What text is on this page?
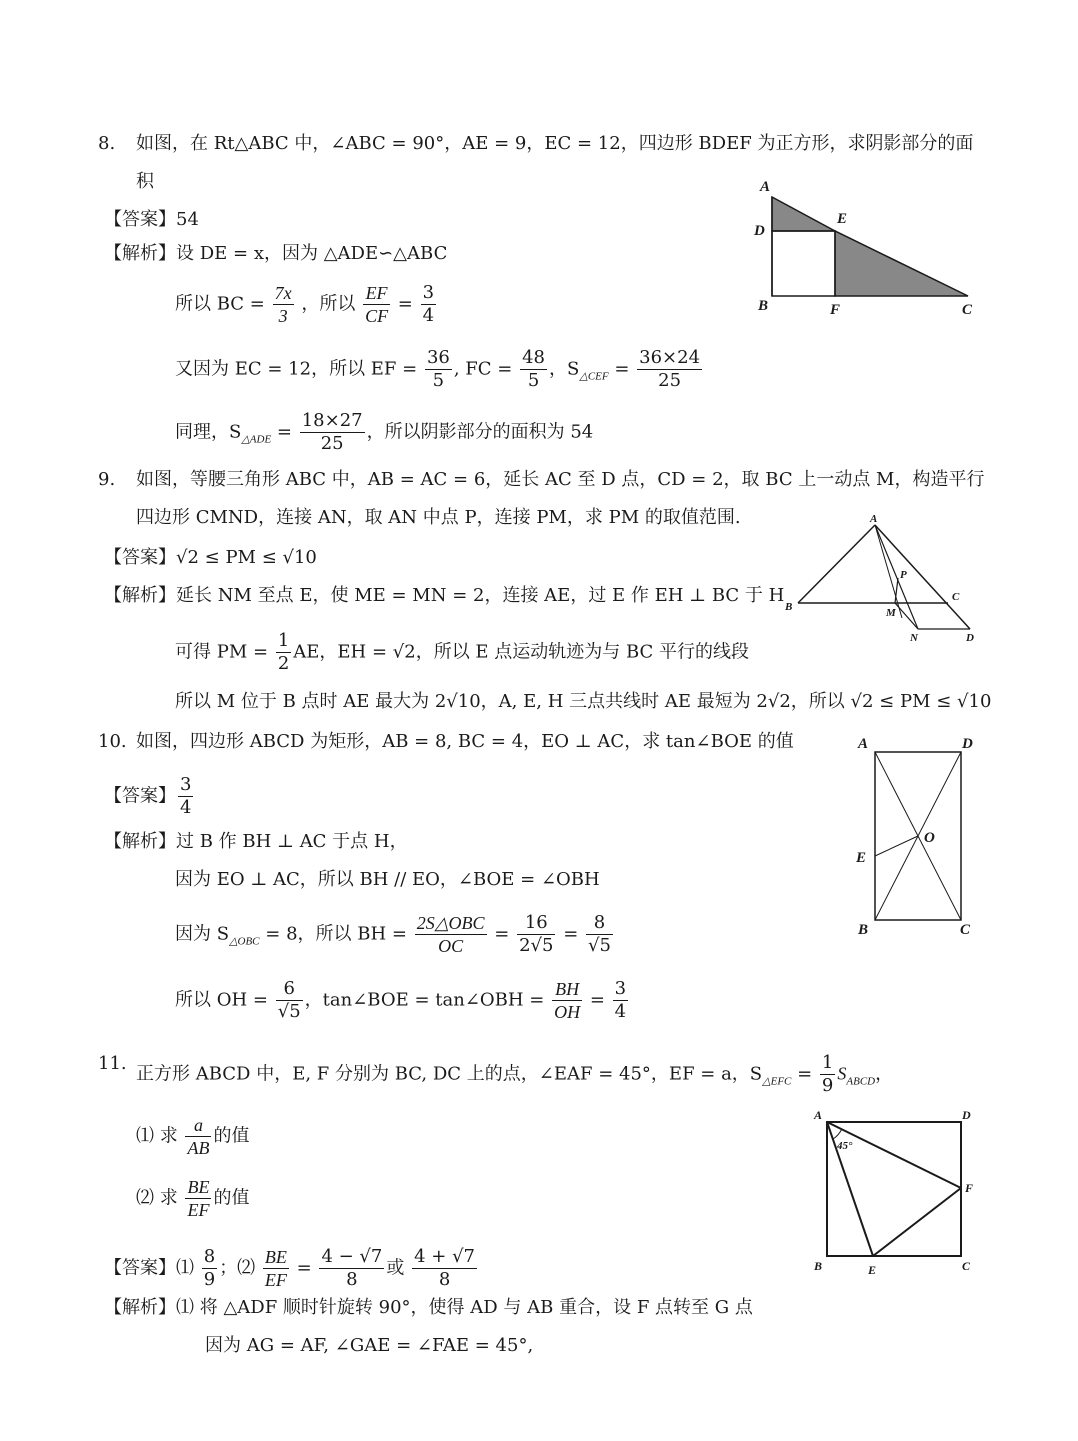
8. 如图，在 Rt△ABC 中，∠ABC = 90°，AE = 9，EC = 12，四边形 BDEF 为正方形，求阴影部分的面
积
【答案】54
【解析】设 DE = x，因为 △ADE∽△ABC
所以 BC = $\frac{7x}{3}$ ，所以 $\frac{EF}{CF} = \frac{3}{4}$
又因为 EC = 12，所以 EF = $\frac{36}{5}$ , FC = $\frac{48}{5}$ ，$S_{\triangle CEF} = \frac{36\times 24}{25}$
同理，$S_{\triangle ADE} = \frac{18\times 27}{25}$ ，所以阴影部分的面积为 54
A
D
E
B	F	C
9. 如图，等腰三角形 ABC 中，AB = AC = 6，延长 AC 至 D 点，CD = 2，取 BC 上一动点 M，构造平行
四边形 CMND，连接 AN，取 AN 中点 P，连接 PM，求 PM 的取值范围.
【答案】√2 ≤ PM ≤ √10
【解析】延长 NM 至点 E，使 ME = MN = 2，连接 AE，过 E 作 EH ⊥ BC 于 H
可得 PM = $\frac{1}{2}$ AE，EH = √2，所以 E 点运动轨迹为与 BC 平行的线段
所以 M 位于 B 点时 AE 最大为 2√10，A, E, H 三点共线时 AE 最短为 2√2，所以 √2 ≤ PM ≤ √10
A
B
C
P
M
N	D
10. 如图，四边形 ABCD 为矩形，AB = 8, BC = 4，EO ⊥ AC，求 tan∠BOE 的值
【答案】 $\frac{3}{4}$
【解析】过 B 作 BH ⊥ AC 于点 H，
因为 EO ⊥ AC，所以 BH // EO，∠BOE = ∠OBH
因为 $S_{\triangle OBC} = 8$，所以 BH =
2S△OBC
OC
= $\frac{16}{2√5} = \frac{8}{√5}$
所以 OH = $\frac{6}{√5}$ ，tan∠BOE = tan∠OBH = $\frac{BH}{OH} = \frac{3}{4}$
A	D
O
E
B	C
11. 正方形 ABCD 中，E, F 分别为 BC, DC 上的点，∠EAF = 45°，EF = a，$S_{\triangle EFC} = \frac{1}{9} S_{ABCD}$，
⑴ 求 $\frac{a}{AB}$ 的值
⑵ 求 $\frac{BE}{EF}$ 的值
【答案】⑴ $\frac{8}{9}$ ；⑵ $\frac{BE}{EF} = \frac{4 - √7}{8}$ 或 $\frac{4 + √7}{8}$
【解析】⑴ 将 △ADF 顺时针旋转 90°，使得 AD 与 AB 重合，设 F 点转至 G 点
因为 AG = AF, ∠GAE = ∠FAE = 45°,
A	D
45°
F
B	E	C
